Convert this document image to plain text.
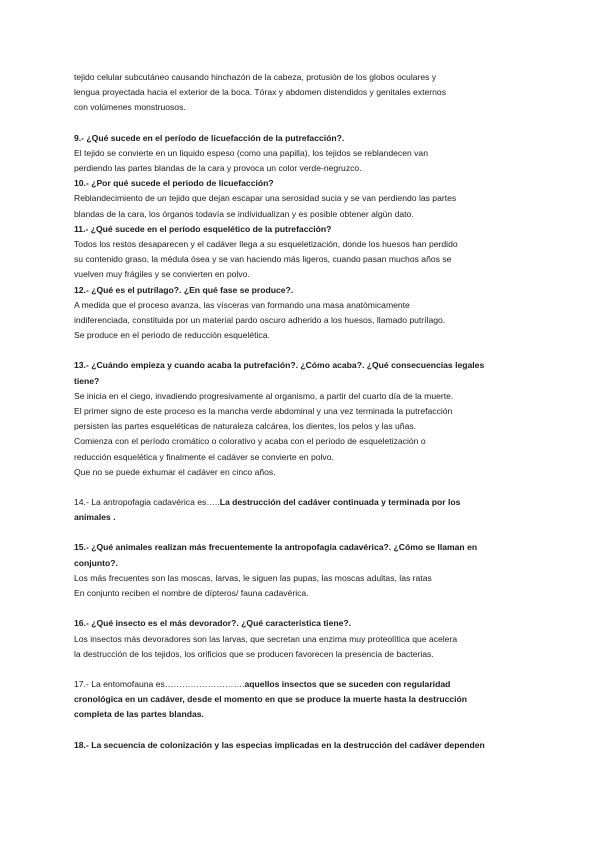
tejido celular subcutáneo causando hinchazón de la cabeza, protusión de los globos oculares y
lengua proyectada hacia el exterior de la boca. Tórax y abdomen distendidos y genitales externos
con volúmenes monstruosos.
9.- ¿Qué sucede en el período de licuefacción de la putrefacción?.
El tejido se convierte en un liquido espeso (como una papilla), los tejidos se reblandecen van
perdiendo las partes blandas de la cara y provoca un color verde-negruzco.
10.- ¿Por qué sucede el periodo de licuefacción?
Reblandecimiento de un tejido que dejan escapar una serosidad sucia y se van perdiendo las partes
blandas de la cara, los órganos todavía se individualizan y es posible obtener algún dato.
11.- ¿Qué sucede en el período esquelético de la putrefacción?
Todos los restos desaparecen y el cadáver llega a su esqueletización, donde los huesos han perdido
su contenido graso, la médula ósea y se van haciendo más ligeros, cuando pasan muchos años se
vuelven muy frágiles y se convierten en polvo.
12.- ¿Qué es el putrílago?. ¿En qué fase se produce?.
A medida que el proceso avanza, las vísceras van formando una masa anatómicamente
indiferenciada, constituida por un material pardo oscuro adherido a los huesos, llamado putrílago.
Se produce en el periodo de reducción esquelética.
13.- ¿Cuándo empieza y cuando acaba la putrefación?. ¿Cómo acaba?. ¿Qué consecuencias legales
tiene?
Se inicia en el ciego, invadiendo progresivamente al organismo, a partir del cuarto día de la muerte.
El primer signo de este proceso es la mancha verde abdominal y una vez terminada la putrefacción
persisten las partes esqueléticas de naturaleza calcárea, los dientes, los pelos y las uñas.
Comienza con el período cromático o colorativo y acaba con el período de esqueletización o
reducción esquelética y finalmente el cadáver se convierte en polvo.
Que no se puede exhumar el cadáver en cinco años.
14.- La antropofagia cadavérica es…..La destrucción del cadáver continuada y terminada por los
animales .
15.- ¿Qué animales realizan más frecuentemente la antropofagia cadavérica?. ¿Cómo se llaman en
conjunto?.
Los más frecuentes son las moscas, larvas, le siguen las pupas, las moscas adultas, las ratas
En conjunto reciben el nombre de dípteros/ fauna cadavérica.
16.- ¿Qué insecto es el más devorador?. ¿Qué característica tiene?.
Los insectos más devoradores son las larvas, que secretan una enzima muy proteolítica que acelera
la destrucción de los tejidos, los orificios que se producen favorecen la presencia de bacterias.
17.- La entomofauna es……………………….aquellos insectos que se suceden con regularidad
cronológica en un cadáver, desde el momento en que se produce la muerte hasta la destrucción
completa de las partes blandas.
18.- La secuencia de colonización y las especias implicadas en la destrucción del cadáver dependen
